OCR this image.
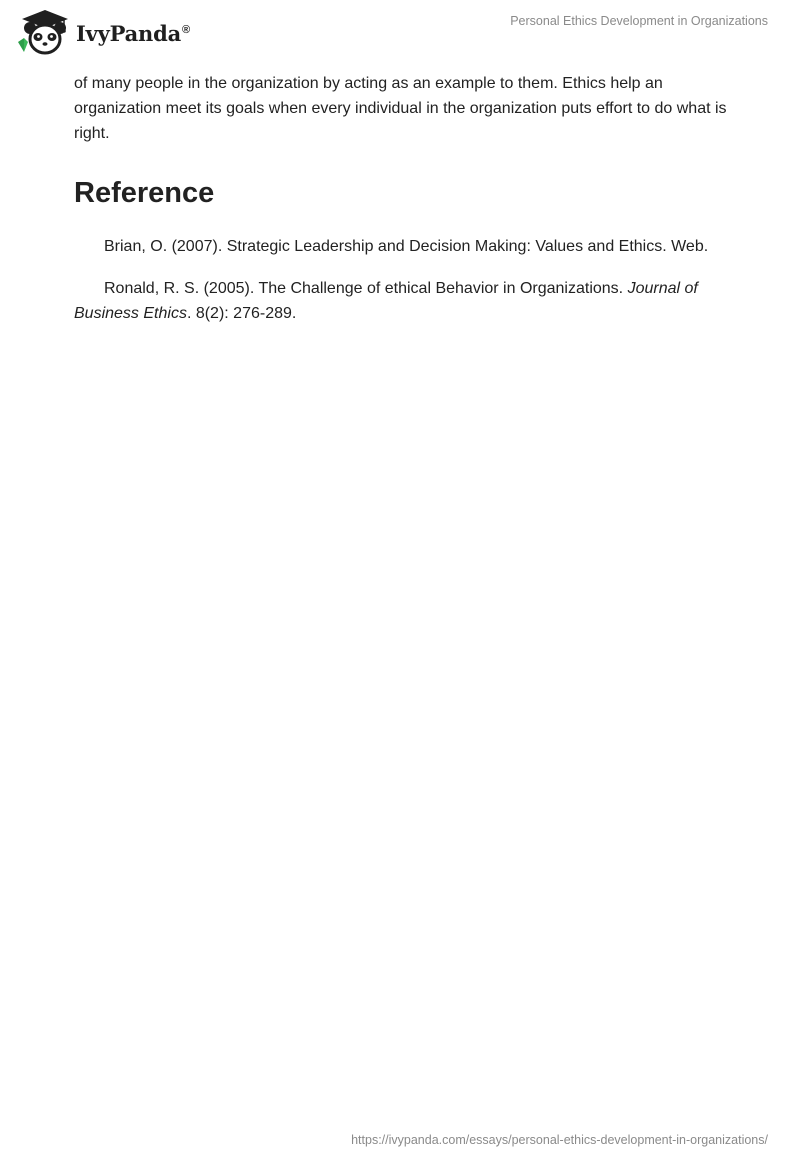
IvyPanda®
Personal Ethics Development in Organizations

of many people in the organization by acting as an example to them. Ethics help an organization meet its goals when every individual in the organization puts effort to do what is right.

Reference

Brian, O. (2007). Strategic Leadership and Decision Making: Values and Ethics. Web.

Ronald, R. S. (2005). The Challenge of ethical Behavior in Organizations. Journal of Business Ethics. 8(2): 276-289.

https://ivypanda.com/essays/personal-ethics-development-in-organizations/
